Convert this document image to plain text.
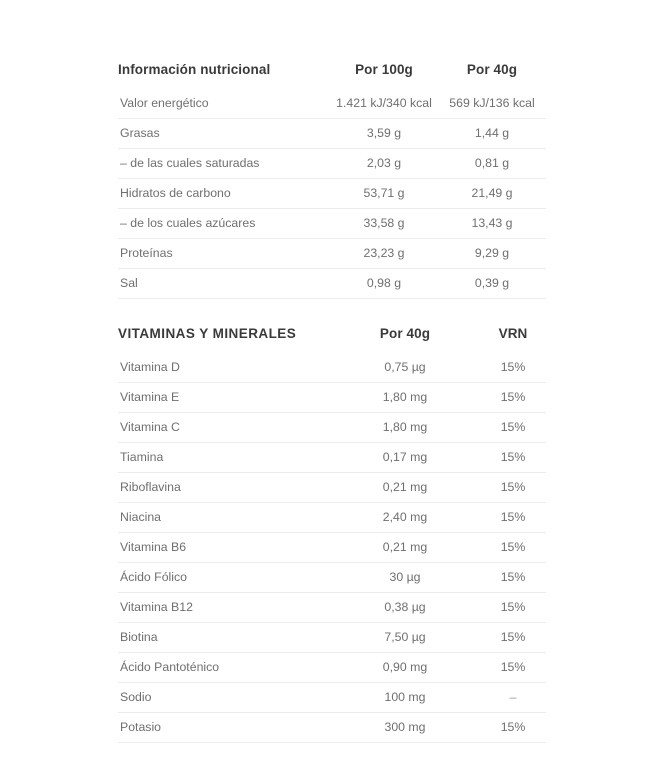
Información nutricional	Por 100g	Por 40g
Valor energético	1.421 kJ/340 kcal	569 kJ/136 kcal
Grasas	3,59 g	1,44 g
– de las cuales saturadas	2,03 g	0,81 g
Hidratos de carbono	53,71 g	21,49 g
– de los cuales azúcares	33,58 g	13,43 g
Proteínas	23,23 g	9,29 g
Sal	0,98 g	0,39 g
VITAMINAS Y MINERALES	Por 40g	VRN
Vitamina D	0,75 µg	15%
Vitamina E	1,80 mg	15%
Vitamina C	1,80 mg	15%
Tiamina	0,17 mg	15%
Riboflavina	0,21 mg	15%
Niacina	2,40 mg	15%
Vitamina B6	0,21 mg	15%
Ácido Fólico	30 µg	15%
Vitamina B12	0,38 µg	15%
Biotina	7,50 µg	15%
Ácido Pantoténico	0,90 mg	15%
Sodio	100 mg	–
Potasio	300 mg	15%
